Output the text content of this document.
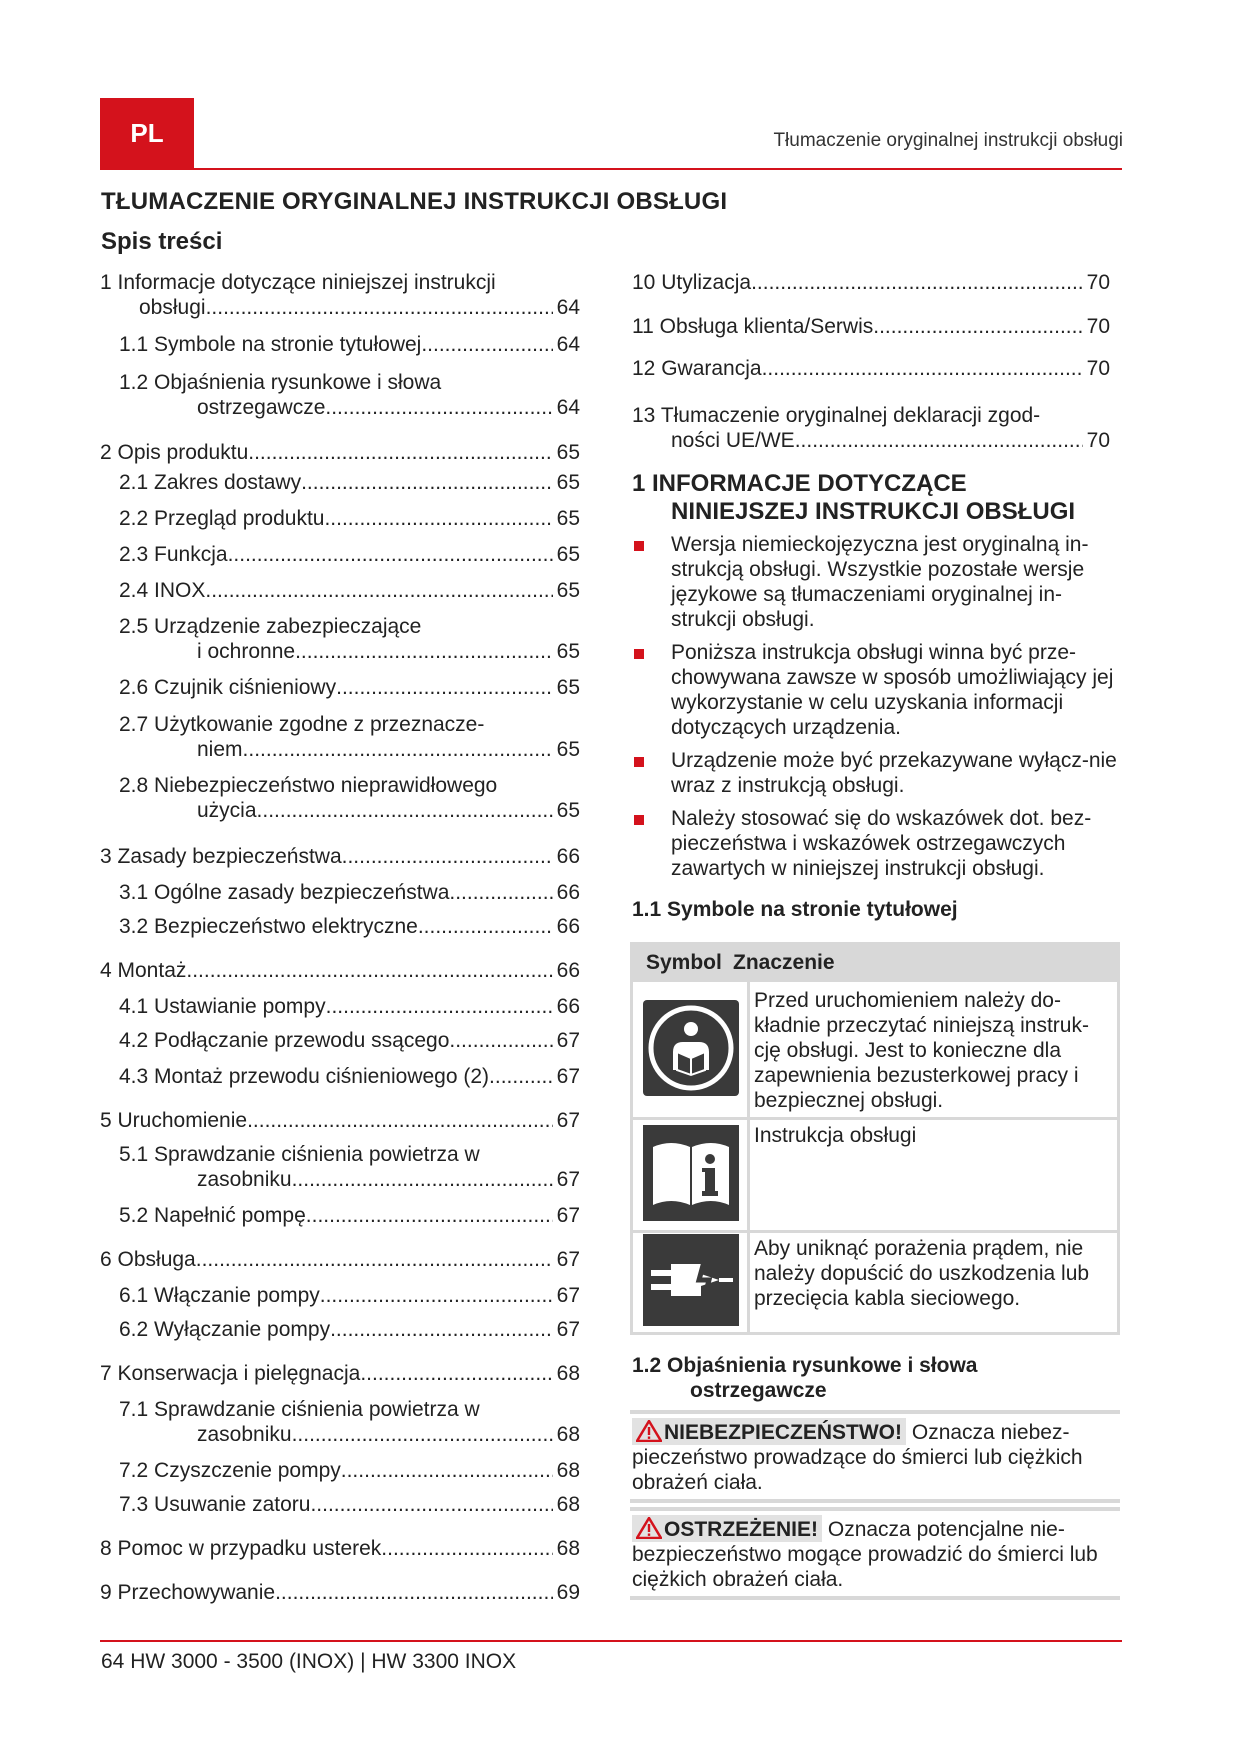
PL	Tłumaczenie oryginalnej instrukcji obsługi
TŁUMACZENIE ORYGINALNEJ INSTRUKCJI OBSŁUGI
Spis treści
1 Informacje dotyczące niniejszej instrukcji
obsługi .....	64
1.1 Symbole na stronie tytułowej .....	64
1.2 Objaśnienia rysunkowe i słowa
ostrzegawcze .....	64
2 Opis produktu .....	65
2.1 Zakres dostawy .....	65
2.2 Przegląd produktu .....	65
2.3 Funkcja .....	65
2.4 INOX .....	65
2.5 Urządzenie zabezpieczające
i ochronne .....	65
2.6 Czujnik ciśnieniowy .....	65
2.7 Użytkowanie zgodne z przeznacze-
niem .....	65
2.8 Niebezpieczeństwo nieprawidłowego
użycia .....	65
3 Zasady bezpieczeństwa .....	66
3.1 Ogólne zasady bezpieczeństwa .....	66
3.2 Bezpieczeństwo elektryczne .....	66
4 Montaż .....	66
4.1 Ustawianie pompy .....	66
4.2 Podłączanie przewodu ssącego .....	67
4.3 Montaż przewodu ciśnieniowego (2) .....	67
5 Uruchomienie .....	67
5.1 Sprawdzanie ciśnienia powietrza w
zasobniku .....	67
5.2 Napełnić pompę .....	67
6 Obsługa .....	67
6.1 Włączanie pompy .....	67
6.2 Wyłączanie pompy .....	67
7 Konserwacja i pielęgnacja .....	68
7.1 Sprawdzanie ciśnienia powietrza w
zasobniku .....	68
7.2 Czyszczenie pompy .....	68
7.3 Usuwanie zatoru .....	68
8 Pomoc w przypadku usterek .....	68
9 Przechowywanie .....	69
10 Utylizacja .....	70
11 Obsługa klienta/Serwis .....	70
12 Gwarancja .....	70
13 Tłumaczenie oryginalnej deklaracji zgod-
ności UE/WE .....	70
1 INFORMACJE DOTYCZĄCE
NINIEJSZEJ INSTRUKCJI OBSŁUGI
Wersja niemieckojęzyczna jest oryginalną in-strukcją obsługi. Wszystkie pozostałe wersje językowe są tłumaczeniami oryginalnej in-strukcji obsługi.
Poniższa instrukcja obsługi winna być prze-chowywana zawsze w sposób umożliwiający jej wykorzystanie w celu uzyskania informacji dotyczących urządzenia.
Urządzenie może być przekazywane wyłącz-nie wraz z instrukcją obsługi.
Należy stosować się do wskazówek dot. bez-pieczeństwa i wskazówek ostrzegawczych zawartych w niniejszej instrukcji obsługi.
1.1 Symbole na stronie tytułowej
Symbol Znaczenie
Przed uruchomieniem należy do-kładnie przeczytać niniejszą instruk-cję obsługi. Jest to konieczne dla zapewnienia bezusterkowej pracy i bezpiecznej obsługi.
Instrukcja obsługi
Aby uniknąć porażenia prądem, nie należy dopuścić do uszkodzenia lub przecięcia kabla sieciowego.
1.2 Objaśnienia rysunkowe i słowa
ostrzegawcze
NIEBEZPIECZEŃSTWO! Oznacza niebez-pieczeństwo prowadzące do śmierci lub ciężkich obrażeń ciała.
OSTRZEŻENIE! Oznacza potencjalne nie-bezpieczeństwo mogące prowadzić do śmierci lub ciężkich obrażeń ciała.
64 HW 3000 - 3500 (INOX) | HW 3300 INOX
